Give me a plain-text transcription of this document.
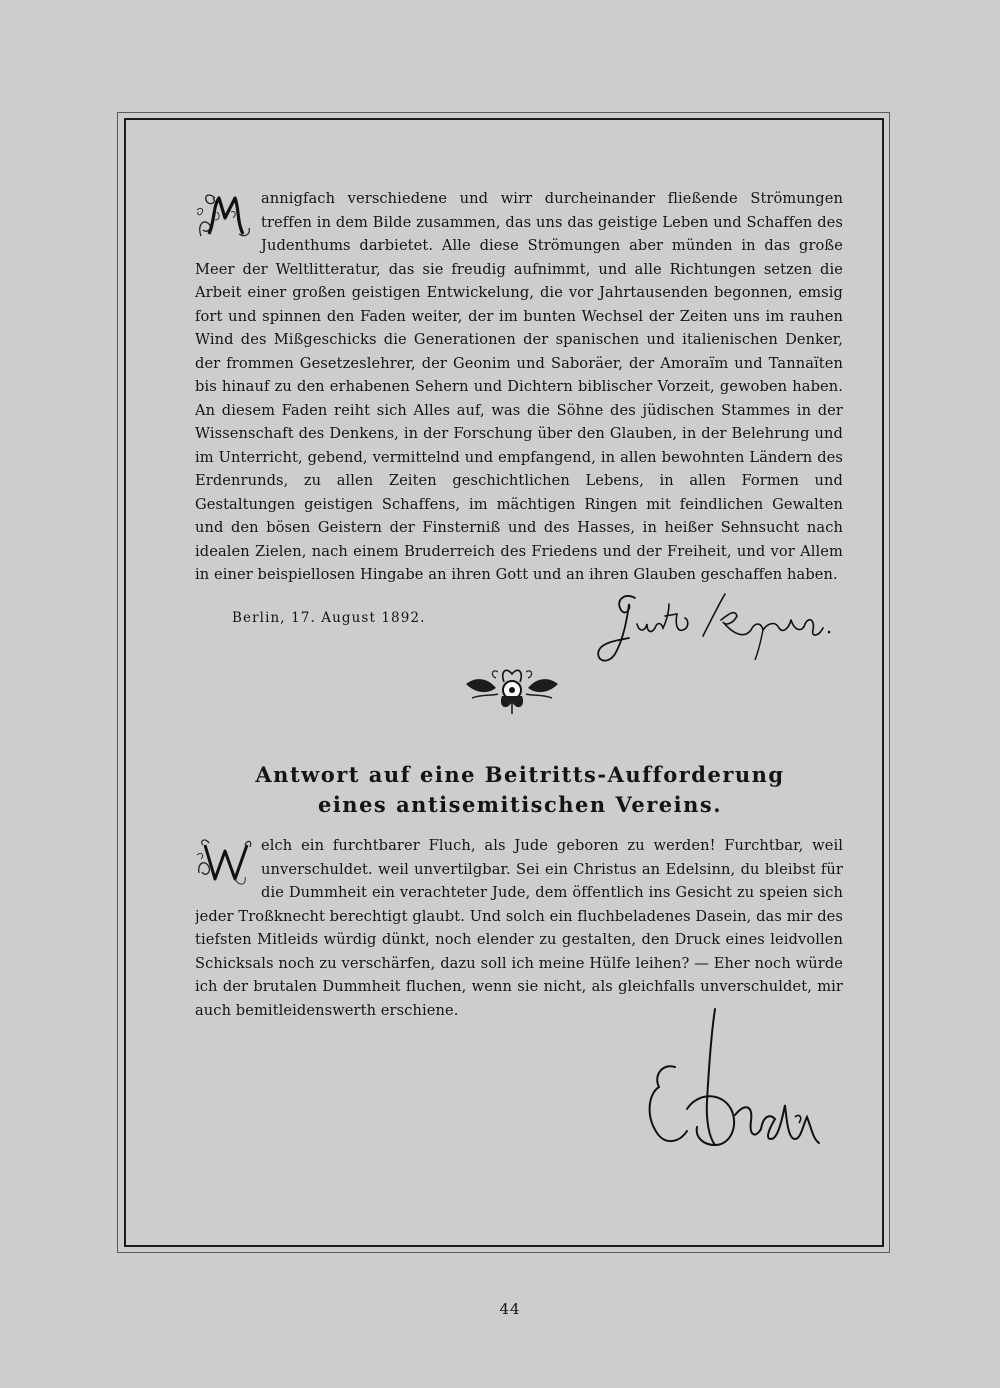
annigfach verschiedene und wirr durcheinander fließende Strömungen treffen in dem Bilde zusammen, das uns das geistige Leben und Schaffen des Judenthums darbietet. Alle diese Strömungen aber münden in das große Meer der Weltlitteratur, das sie freudig aufnimmt, und alle Richtungen setzen die Arbeit einer großen geistigen Entwickelung, die vor Jahrtausenden begonnen, emsig fort und spinnen den Faden weiter, der im bunten Wechsel der Zeiten uns im rauhen Wind des Mißgeschicks die Generationen der spanischen und italienischen Denker, der frommen Gesetzeslehrer, der Geonim und Saboräer, der Amoraïm und Tannaïten bis hinauf zu den erhabenen Sehern und Dichtern biblischer Vorzeit, gewoben haben. An diesem Faden reiht sich Alles auf, was die Söhne des jüdischen Stammes in der Wissenschaft des Denkens, in der Forschung über den Glauben, in der Belehrung und im Unterricht, gebend, vermittelnd und empfangend, in allen bewohnten Ländern des Erdenrunds, zu allen Zeiten geschichtlichen Lebens, in allen Formen und Gestaltungen geistigen Schaffens, im mächtigen Ringen mit feindlichen Gewalten und den bösen Geistern der Finsterniß und des Hasses, in heißer Sehnsucht nach idealen Zielen, nach einem Bruderreich des Friedens und der Freiheit, und vor Allem in einer beispiellosen Hingabe an ihren Gott und an ihren Glauben geschaffen haben.
Berlin, 17. August 1892.
Antwort auf eine Beitritts-Aufforderung
eines antisemitischen Vereins.
elch ein furchtbarer Fluch, als Jude geboren zu werden! Furchtbar, weil unverschuldet. weil unvertilgbar. Sei ein Christus an Edelsinn, du bleibst für die Dummheit ein verachteter Jude, dem öffentlich ins Gesicht zu speien sich jeder Troßknecht berechtigt glaubt. Und solch ein fluchbeladenes Dasein, das mir des tiefsten Mitleids würdig dünkt, noch elender zu gestalten, den Druck eines leidvollen Schicksals noch zu verschärfen, dazu soll ich meine Hülfe leihen? — Eher noch würde ich der brutalen Dummheit fluchen, wenn sie nicht, als gleichfalls unverschuldet, mir auch bemitleidenswerth erschiene.
44
